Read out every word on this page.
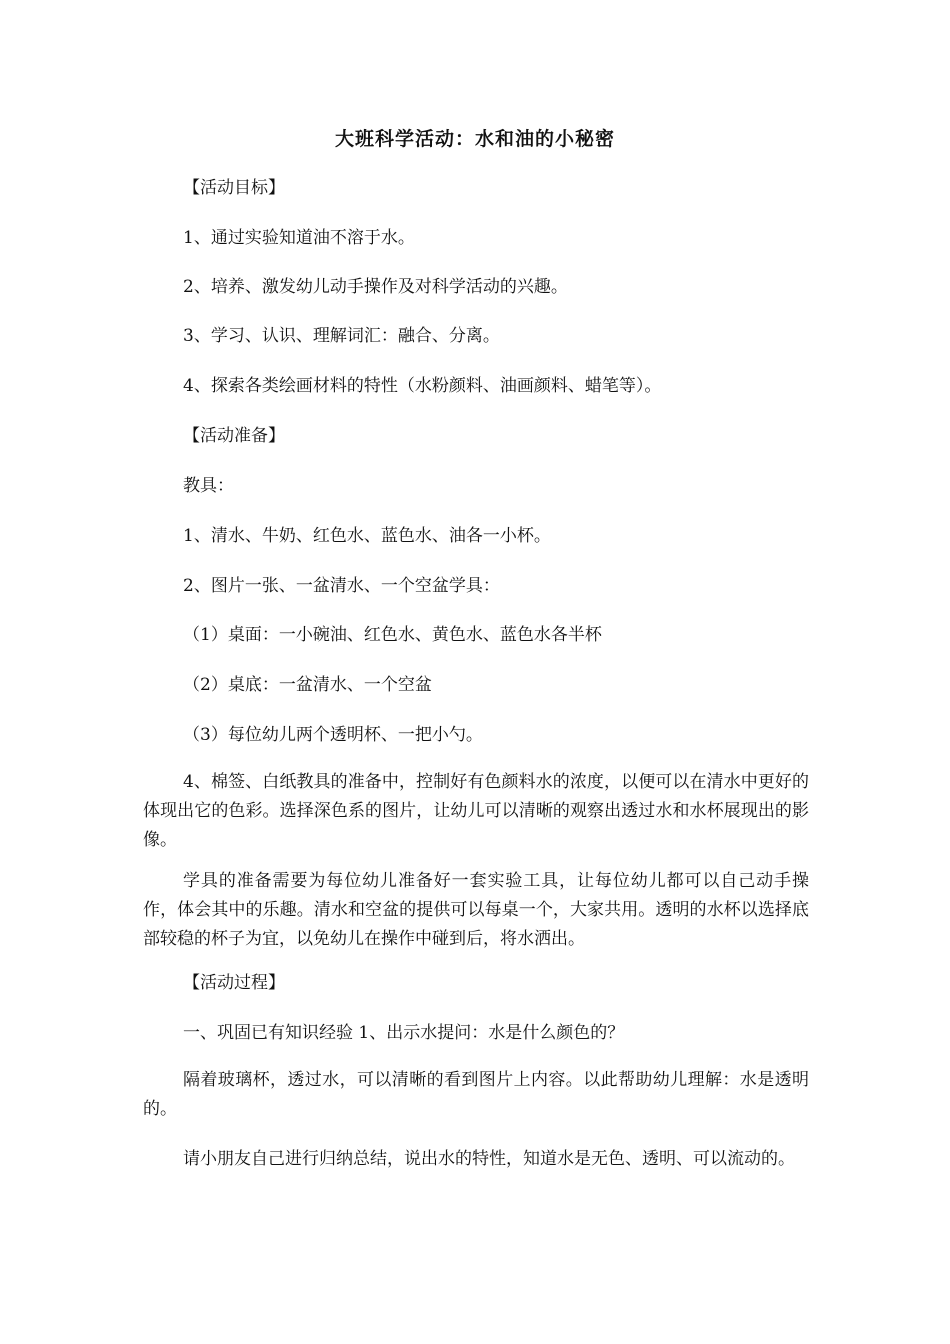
大班科学活动：水和油的小秘密
【活动目标】
1、通过实验知道油不溶于水。
2、培养、激发幼儿动手操作及对科学活动的兴趣。
3、学习、认识、理解词汇：融合、分离。
4、探索各类绘画材料的特性（水粉颜料、油画颜料、蜡笔等）。
【活动准备】
教具：
1、清水、牛奶、红色水、蓝色水、油各一小杯。
2、图片一张、一盆清水、一个空盆学具：
（1）桌面：一小碗油、红色水、黄色水、蓝色水各半杯
（2）桌底：一盆清水、一个空盆
（3）每位幼儿两个透明杯、一把小勺。
4、棉签、白纸教具的准备中，控制好有色颜料水的浓度，以便可以在清水中更好的体现出它的色彩。选择深色系的图片，让幼儿可以清晰的观察出透过水和水杯展现出的影像。
学具的准备需要为每位幼儿准备好一套实验工具，让每位幼儿都可以自己动手操作，体会其中的乐趣。清水和空盆的提供可以每桌一个，大家共用。透明的水杯以选择底部较稳的杯子为宜，以免幼儿在操作中碰到后，将水洒出。
【活动过程】
一、巩固已有知识经验 1、出示水提问：水是什么颜色的？
隔着玻璃杯，透过水，可以清晰的看到图片上内容。以此帮助幼儿理解：水是透明的。
请小朋友自己进行归纳总结，说出水的特性，知道水是无色、透明、可以流动的。
